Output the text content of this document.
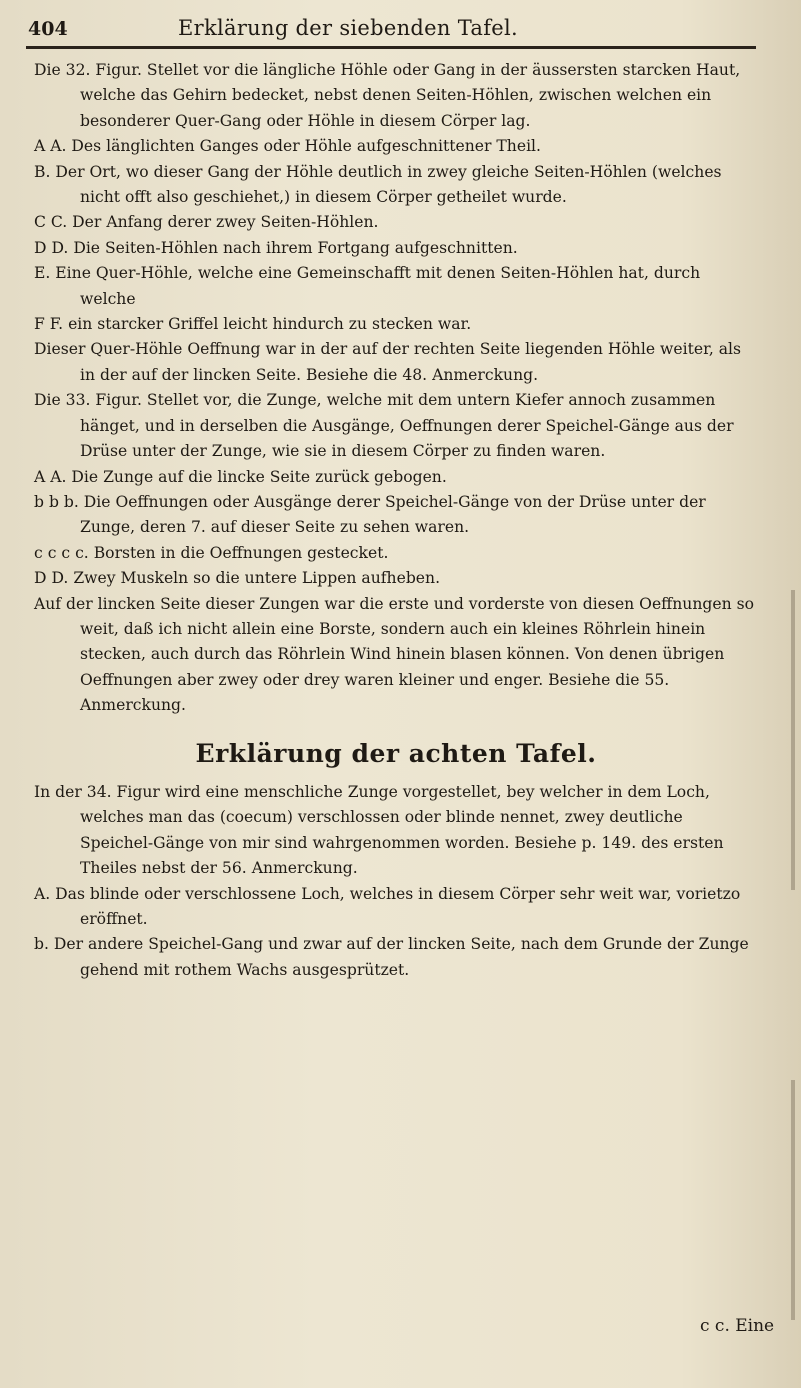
404	Erklärung der siebenden Tafel.

Die 32. Figur. Stellet vor die längliche Höhle oder Gang in der äussersten starcken Haut, welche das Gehirn bedecket, nebst denen Seiten-Höhlen, zwischen welchen ein besonderer Quer-Gang oder Höhle in diesem Cörper lag.

A A. Des länglichten Ganges oder Höhle aufgeschnittener Theil.

B. Der Ort, wo dieser Gang der Höhle deutlich in zwey gleiche Seiten-Höhlen (welches nicht offt also geschiehet,) in diesem Cörper getheilet wurde.

C C. Der Anfang derer zwey Seiten-Höhlen.

D D. Die Seiten-Höhlen nach ihrem Fortgang aufgeschnitten.

E. Eine Quer-Höhle, welche eine Gemeinschafft mit denen Seiten-Höhlen hat, durch welche

F F. ein starcker Griffel leicht hindurch zu stecken war.

Dieser Quer-Höhle Oeffnung war in der auf der rechten Seite liegenden Höhle weiter, als in der auf der lincken Seite. Besiehe die 48. Anmerckung.

Die 33. Figur. Stellet vor, die Zunge, welche mit dem untern Kiefer annoch zusammen hänget, und in derselben die Ausgänge, Oeffnungen derer Speichel-Gänge aus der Drüse unter der Zunge, wie sie in diesem Cörper zu finden waren.

A A. Die Zunge auf die lincke Seite zurück gebogen.

b b b. Die Oeffnungen oder Ausgänge derer Speichel-Gänge von der Drüse unter der Zunge, deren 7. auf dieser Seite zu sehen waren.

c c c c. Borsten in die Oeffnungen gestecket.

D D. Zwey Muskeln so die untere Lippen aufheben.

Auf der lincken Seite dieser Zungen war die erste und vorderste von diesen Oeffnungen so weit, daß ich nicht allein eine Borste, sondern auch ein kleines Röhrlein hinein stecken, auch durch das Röhrlein Wind hinein blasen können. Von denen übrigen Oeffnungen aber zwey oder drey waren kleiner und enger. Besiehe die 55. Anmerckung.

Erklärung der achten Tafel.

In der 34. Figur wird eine menschliche Zunge vorgestellet, bey welcher in dem Loch, welches man das (coecum) verschlossen oder blinde nennet, zwey deutliche Speichel-Gänge von mir sind wahrgenommen worden. Besiehe p. 149. des ersten Theiles nebst der 56. Anmerckung.

A. Das blinde oder verschlossene Loch, welches in diesem Cörper sehr weit war, vorietzo eröffnet.

b. Der andere Speichel-Gang und zwar auf der lincken Seite, nach dem Grunde der Zunge gehend mit rothem Wachs ausgesprützet.

c c. Eine
